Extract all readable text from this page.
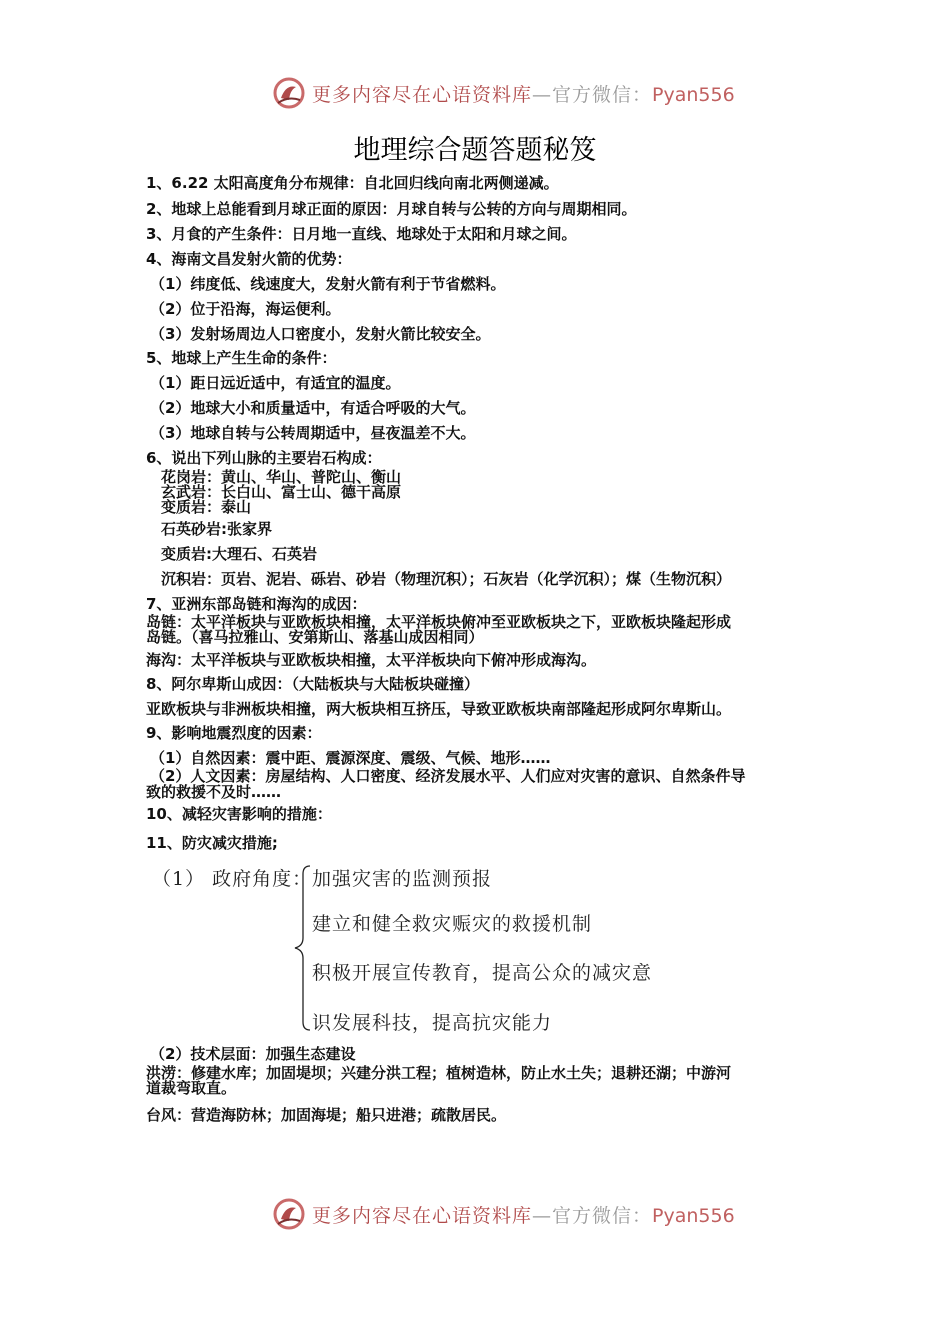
更多内容尽在心语资料库—官方微信：Pyan556
地理综合题答题秘笈
1、6.22 太阳高度角分布规律：自北回归线向南北两侧递减。
2、地球上总能看到月球正面的原因：月球自转与公转的方向与周期相同。
3、月食的产生条件：日月地一直线、地球处于太阳和月球之间。
4、海南文昌发射火箭的优势：
（1）纬度低、线速度大，发射火箭有利于节省燃料。
（2）位于沿海，海运便利。
（3）发射场周边人口密度小，发射火箭比较安全。
5、地球上产生生命的条件：
（1）距日远近适中，有适宜的温度。
（2）地球大小和质量适中，有适合呼吸的大气。
（3）地球自转与公转周期适中，昼夜温差不大。
6、说出下列山脉的主要岩石构成：
花岗岩：黄山、华山、普陀山、衡山
玄武岩：长白山、富士山、德干高原
变质岩：泰山
石英砂岩:张家界
变质岩:大理石、石英岩
沉积岩：页岩、泥岩、砾岩、砂岩（物理沉积）；石灰岩（化学沉积）；煤（生物沉积）
7、亚洲东部岛链和海沟的成因：
岛链：太平洋板块与亚欧板块相撞，太平洋板块俯冲至亚欧板块之下，亚欧板块隆起形成
岛链。（喜马拉雅山、安第斯山、落基山成因相同）
海沟：太平洋板块与亚欧板块相撞，太平洋板块向下俯冲形成海沟。
8、阿尔卑斯山成因：（大陆板块与大陆板块碰撞）
亚欧板块与非洲板块相撞，两大板块相互挤压，导致亚欧板块南部隆起形成阿尔卑斯山。
9、影响地震烈度的因素：
（1）自然因素：震中距、震源深度、震级、气候、地形……
（2）人文因素：房屋结构、人口密度、经济发展水平、人们应对灾害的意识、自然条件导
致的救援不及时……
10、减轻灾害影响的措施：
11、防灾减灾措施;
（1） 政府角度： 加强灾害的监测预报
建立和健全救灾赈灾的救援机制
积极开展宣传教育，提高公众的减灾意
识发展科技，提高抗灾能力
（2）技术层面：加强生态建设
洪涝：修建水库；加固堤坝；兴建分洪工程；植树造林，防止水土失；退耕还湖；中游河
道裁弯取直。
台风：营造海防林；加固海堤；船只进港；疏散居民。
更多内容尽在心语资料库—官方微信：Pyan556
